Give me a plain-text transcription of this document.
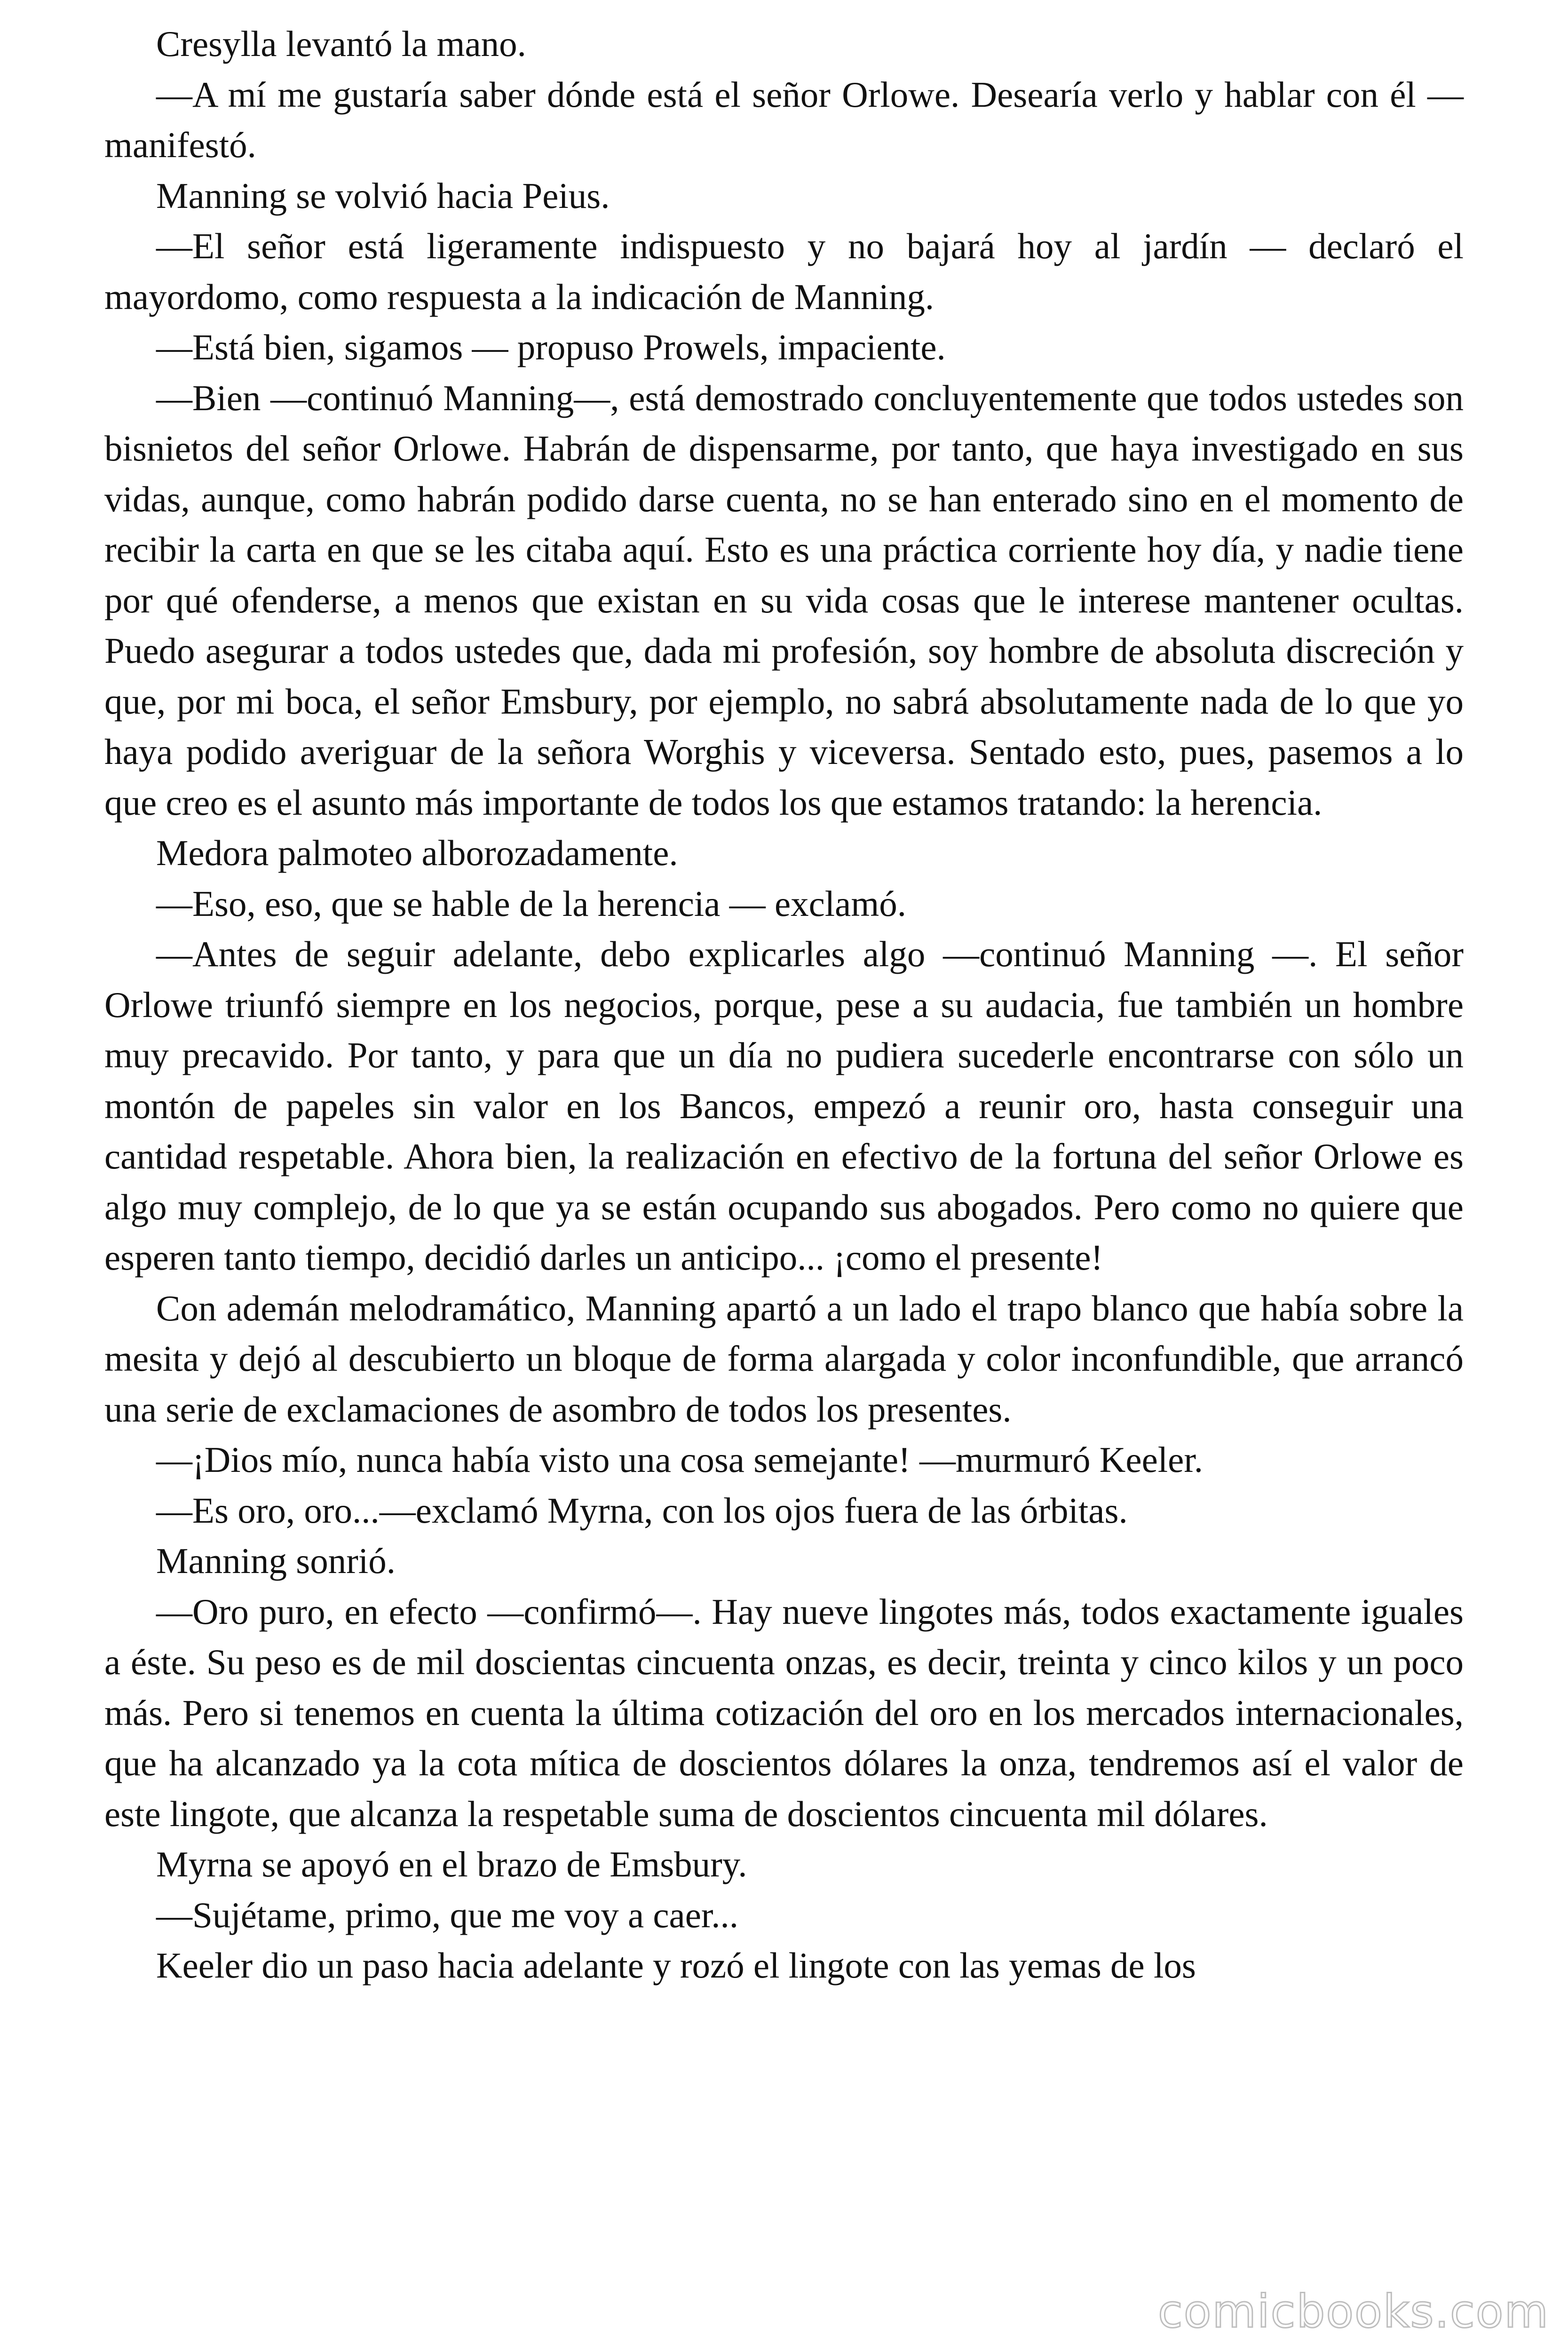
Cresylla levantó la mano.

—A mí me gustaría saber dónde está el señor Orlowe. Desearía verlo y hablar con él —manifestó.

Manning se volvió hacia Peius.

—El señor está ligeramente indispuesto y no bajará hoy al jardín — declaró el mayordomo, como respuesta a la indicación de Manning.

—Está bien, sigamos — propuso Prowels, impaciente.

—Bien —continuó Manning—, está demostrado concluyentemente que todos ustedes son bisnietos del señor Orlowe. Habrán de dispensarme, por tanto, que haya investigado en sus vidas, aunque, como habrán podido darse cuenta, no se han enterado sino en el momento de recibir la carta en que se les citaba aquí. Esto es una práctica corriente hoy día, y nadie tiene por qué ofenderse, a menos que existan en su vida cosas que le interese mantener ocultas. Puedo asegurar a todos ustedes que, dada mi profesión, soy hombre de absoluta discreción y que, por mi boca, el señor Emsbury, por ejemplo, no sabrá absolutamente nada de lo que yo haya podido averiguar de la señora Worghis y viceversa. Sentado esto, pues, pasemos a lo que creo es el asunto más importante de todos los que estamos tratando: la herencia.

Medora palmoteo alborozadamente.

—Eso, eso, que se hable de la herencia — exclamó.

—Antes de seguir adelante, debo explicarles algo —continuó Manning —. El señor Orlowe triunfó siempre en los negocios, porque, pese a su audacia, fue también un hombre muy precavido. Por tanto, y para que un día no pudiera sucederle encontrarse con sólo un montón de papeles sin valor en los Bancos, empezó a reunir oro, hasta conseguir una cantidad respetable. Ahora bien, la realización en efectivo de la fortuna del señor Orlowe es algo muy complejo, de lo que ya se están ocupando sus abogados. Pero como no quiere que esperen tanto tiempo, decidió darles un anticipo... ¡como el presente!

Con ademán melodramático, Manning apartó a un lado el trapo blanco que había sobre la mesita y dejó al descubierto un bloque de forma alargada y color inconfundible, que arrancó una serie de exclamaciones de asombro de todos los presentes.

—¡Dios mío, nunca había visto una cosa semejante! —murmuró Keeler.

—Es oro, oro...—exclamó Myrna, con los ojos fuera de las órbitas.

Manning sonrió.

—Oro puro, en efecto —confirmó—. Hay nueve lingotes más, todos exactamente iguales a éste. Su peso es de mil doscientas cincuenta onzas, es decir, treinta y cinco kilos y un poco más. Pero si tenemos en cuenta la última cotización del oro en los mercados internacionales, que ha alcanzado ya la cota mítica de doscientos dólares la onza, tendremos así el valor de este lingote, que alcanza la respetable suma de doscientos cincuenta mil dólares.

Myrna se apoyó en el brazo de Emsbury.

—Sujétame, primo, que me voy a caer...

Keeler dio un paso hacia adelante y rozó el lingote con las yemas de los

comicbooks.com
